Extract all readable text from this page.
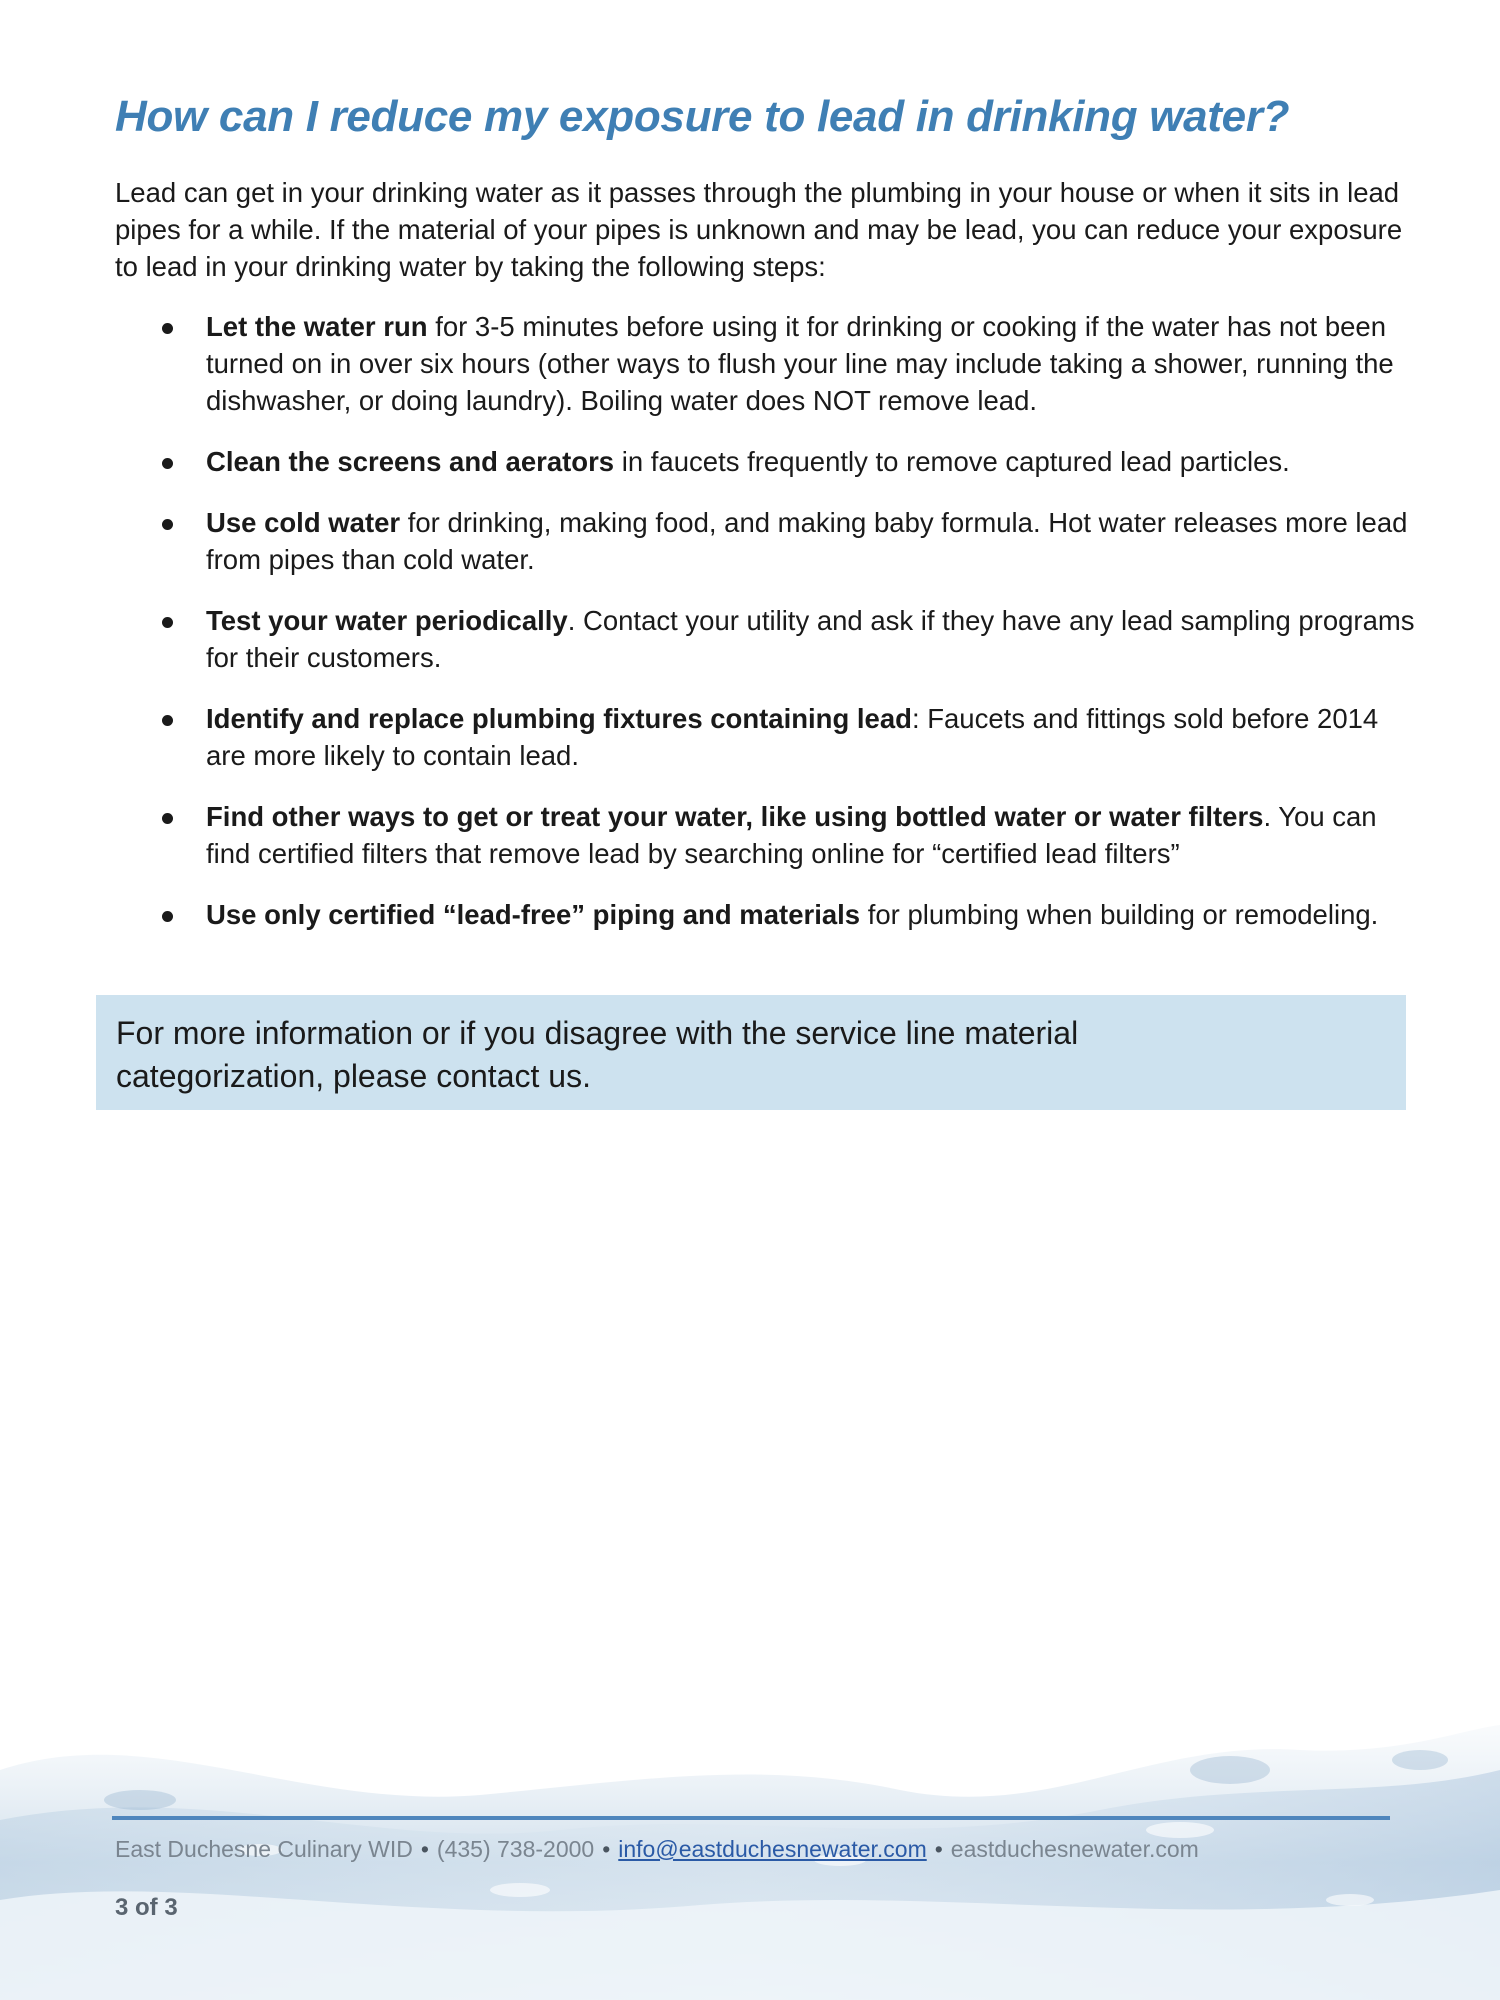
How can I reduce my exposure to lead in drinking water?

Lead can get in your drinking water as it passes through the plumbing in your house or when it sits in lead pipes for a while. If the material of your pipes is unknown and may be lead, you can reduce your exposure to lead in your drinking water by taking the following steps:

Let the water run for 3-5 minutes before using it for drinking or cooking if the water has not been turned on in over six hours (other ways to flush your line may include taking a shower, running the dishwasher, or doing laundry). Boiling water does NOT remove lead.
Clean the screens and aerators in faucets frequently to remove captured lead particles.
Use cold water for drinking, making food, and making baby formula. Hot water releases more lead from pipes than cold water.
Test your water periodically. Contact your utility and ask if they have any lead sampling programs for their customers.
Identify and replace plumbing fixtures containing lead: Faucets and fittings sold before 2014 are more likely to contain lead.
Find other ways to get or treat your water, like using bottled water or water filters. You can find certified filters that remove lead by searching online for “certified lead filters”
Use only certified “lead-free” piping and materials for plumbing when building or remodeling.

For more information or if you disagree with the service line material categorization, please contact us.

East Duchesne Culinary WID • (435) 738-2000 • info@eastduchesnewater.com • eastduchesnewater.com
3 of 3
